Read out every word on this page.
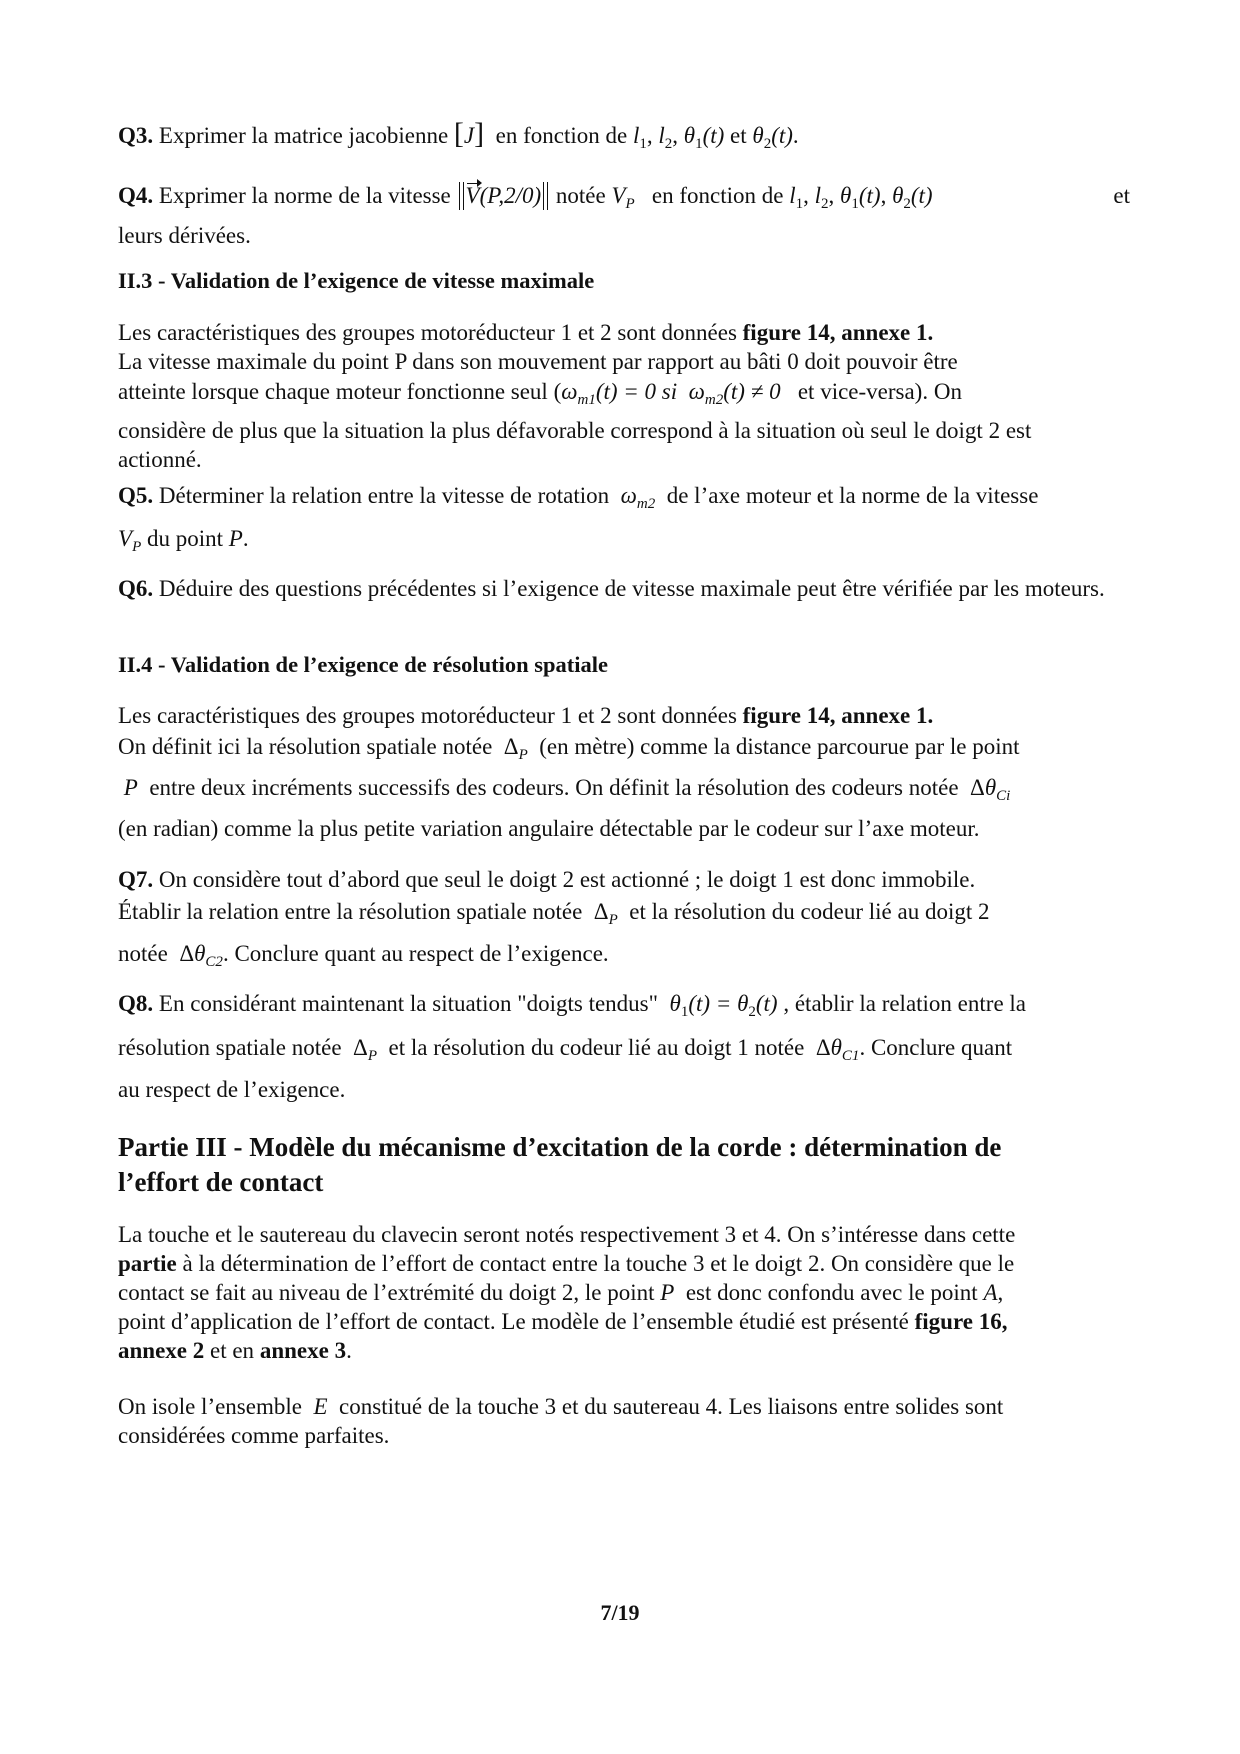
Q3. Exprimer la matrice jacobienne [J] en fonction de $l_1$, $l_2$, $\theta_1(t)$ et $\theta_2(t)$.

Q4. Exprimer la norme de la vitesse V(P,2/0) notée $V_P$ en fonction de $l_1$, $l_2$, $\theta_1(t)$, $\theta_2(t)$	et

leurs dérivées.

II.3 - Validation de l’exigence de vitesse maximale

Les caractéristiques des groupes motoréducteur 1 et 2 sont données figure 14, annexe 1.

La vitesse maximale du point P dans son mouvement par rapport au bâti 0 doit pouvoir être

atteinte lorsque chaque moteur fonctionne seul ($\omega_{m1}(t) = 0$ si $\omega_{m2}(t) \ne 0$ et vice-versa). On

considère de plus que la situation la plus défavorable correspond à la situation où seul le doigt 2 est

actionné.

Q5. Déterminer la relation entre la vitesse de rotation $\omega_{m2}$ de l’axe moteur et la norme de la vitesse

$V_P$ du point P.

Q6. Déduire des questions précédentes si l’exigence de vitesse maximale peut être vérifiée par les moteurs.

II.4 - Validation de l’exigence de résolution spatiale

Les caractéristiques des groupes motoréducteur 1 et 2 sont données figure 14, annexe 1.

On définit ici la résolution spatiale notée  $\Delta_P$ (en mètre) comme la distance parcourue par le point

P entre deux incréments successifs des codeurs. On définit la résolution des codeurs notée  $\Delta\theta_{Ci}$

(en radian) comme la plus petite variation angulaire détectable par le codeur sur l’axe moteur.

Q7. On considère tout d’abord que seul le doigt 2 est actionné ; le doigt 1 est donc immobile.

Établir la relation entre la résolution spatiale notée  $\Delta_P$ et la résolution du codeur lié au doigt 2

notée  $\Delta\theta_{C2}$. Conclure quant au respect de l’exigence.

Q8. En considérant maintenant la situation "doigts tendus" $\theta_1(t) = \theta_2(t)$ , établir la relation entre la

résolution spatiale notée  $\Delta_P$ et la résolution du codeur lié au doigt 1 notée  $\Delta\theta_{C1}$. Conclure quant

au respect de l’exigence.

Partie III - Modèle du mécanisme d’excitation de la corde : détermination de

l’effort de contact

La touche et le sautereau du clavecin seront notés respectivement 3 et 4. On s’intéresse dans cette

partie à la détermination de l’effort de contact entre la touche 3 et le doigt 2. On considère que le

contact se fait au niveau de l’extrémité du doigt 2, le point P est donc confondu avec le point A,

point d’application de l’effort de contact. Le modèle de l’ensemble étudié est présenté figure 16,

annexe 2 et en annexe 3.

On isole l’ensemble E constitué de la touche 3 et du sautereau 4. Les liaisons entre solides sont

considérées comme parfaites.

7/19
